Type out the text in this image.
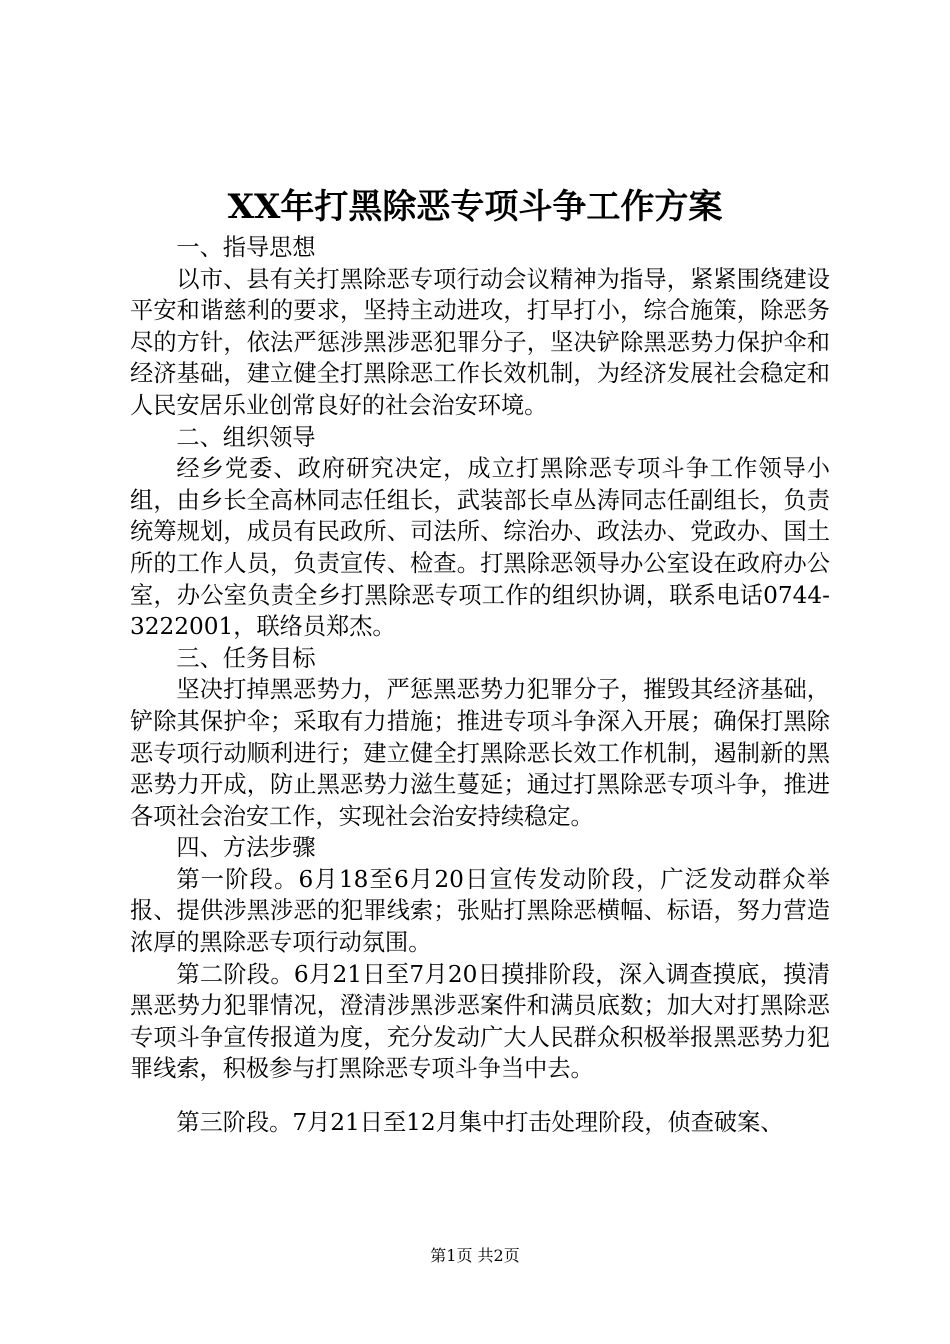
XX年打黑除恶专项斗争工作方案

一、指导思想

以市、县有关打黑除恶专项行动会议精神为指导，紧紧围绕建设平安和谐慈利的要求，坚持主动进攻，打早打小，综合施策，除恶务尽的方针，依法严惩涉黑涉恶犯罪分子，坚决铲除黑恶势力保护伞和经济基础，建立健全打黑除恶工作长效机制，为经济发展社会稳定和人民安居乐业创常良好的社会治安环境。

二、组织领导

经乡党委、政府研究决定，成立打黑除恶专项斗争工作领导小组，由乡长全高林同志任组长，武装部长卓丛涛同志任副组长，负责统筹规划，成员有民政所、司法所、综治办、政法办、党政办、国土所的工作人员，负责宣传、检查。打黑除恶领导办公室设在政府办公室，办公室负责全乡打黑除恶专项工作的组织协调，联系电话0744-3222001，联络员郑杰。

三、任务目标

坚决打掉黑恶势力，严惩黑恶势力犯罪分子，摧毁其经济基础，铲除其保护伞；采取有力措施；推进专项斗争深入开展；确保打黑除恶专项行动顺利进行；建立健全打黑除恶长效工作机制，遏制新的黑恶势力开成，防止黑恶势力滋生蔓延；通过打黑除恶专项斗争，推进各项社会治安工作，实现社会治安持续稳定。

四、方法步骤

第一阶段。6月18至6月20日宣传发动阶段，广泛发动群众举报、提供涉黑涉恶的犯罪线索；张贴打黑除恶横幅、标语，努力营造浓厚的黑除恶专项行动氛围。

第二阶段。6月21日至7月20日摸排阶段，深入调查摸底，摸清黑恶势力犯罪情况，澄清涉黑涉恶案件和满员底数；加大对打黑除恶专项斗争宣传报道为度，充分发动广大人民群众积极举报黑恶势力犯罪线索，积极参与打黑除恶专项斗争当中去。

第三阶段。7月21日至12月集中打击处理阶段，侦查破案、

第1页 共2页
